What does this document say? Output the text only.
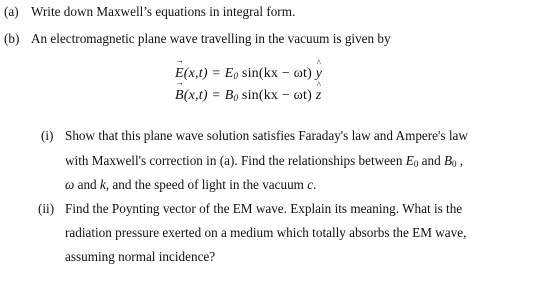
(a) Write down Maxwell’s equations in integral form.
(b) An electromagnetic plane wave travelling in the vacuum is given by
→ $E(x,t) = E_0$ sin(kx − ωt) ^ y
→ $B(x,t) = B_0$ sin(kx − ωt) ^ z
(i) Show that this plane wave solution satisfies Faraday's law and Ampere's law
with Maxwell's correction in (a). Find the relationships between $E_0$ and $B_0$ ,
ω and k, and the speed of light in the vacuum c.
(ii) Find the Poynting vector of the EM wave. Explain its meaning. What is the
radiation pressure exerted on a medium which totally absorbs the EM wave,
assuming normal incidence?
